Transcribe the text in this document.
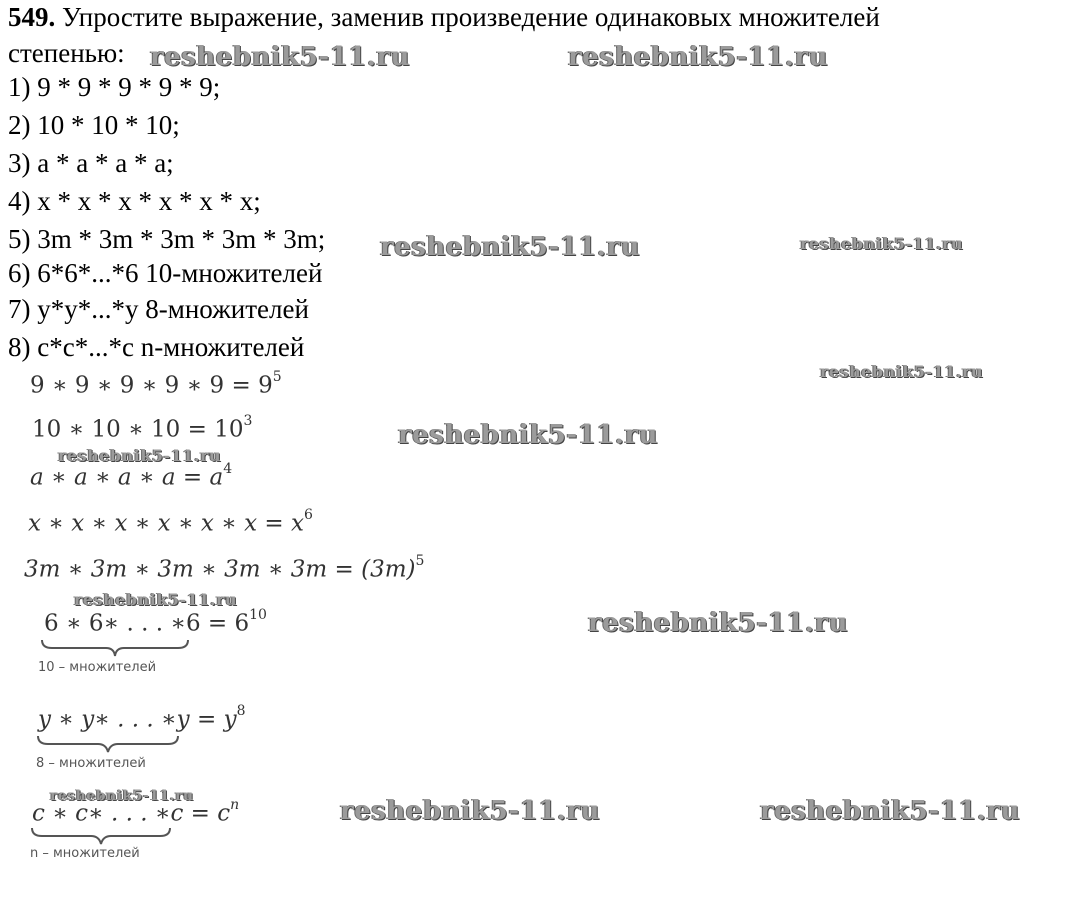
549. Упростите выражение, заменив произведение одинаковых множителей
степенью:
1) 9 * 9 * 9 * 9 * 9;
2) 10 * 10 * 10;
3) a * a * a * a;
4) x * x * x * x * x * x;
5) 3m * 3m * 3m * 3m * 3m;
6) 6*6*...*6 10-множителей
7) y*y*...*y 8-множителей
8) c*c*...*c n-множителей
9 ∗ 9 ∗ 9 ∗ 9 ∗ $9 = 9^5$
10 ∗ 10 ∗ $10 = 10^3$
a ∗ a ∗ a ∗ $a = a^4$
x ∗ x ∗ x ∗ x ∗ x ∗ $x = x^6$
3m ∗ 3m ∗ 3m ∗ 3m ∗ $3m = (3m)^5$
6 ∗ 6∗ . . . ∗6 = $6^{10}$
10 – множителей
y ∗ y∗ . . . ∗y = $y^8$
8 – множителей
c ∗ c∗ . . . ∗c = $c^n$
n – множителей
reshebnik5-11.ru	reshebnik5-11.ru
reshebnik5-11.ru	reshebnik5-11.ru
reshebnik5-11.ru
reshebnik5-11.ru
reshebnik5-11.ru
reshebnik5-11.ru
reshebnik5-11.ru
reshebnik5-11.ru	reshebnik5-11.ru	reshebnik5-11.ru
